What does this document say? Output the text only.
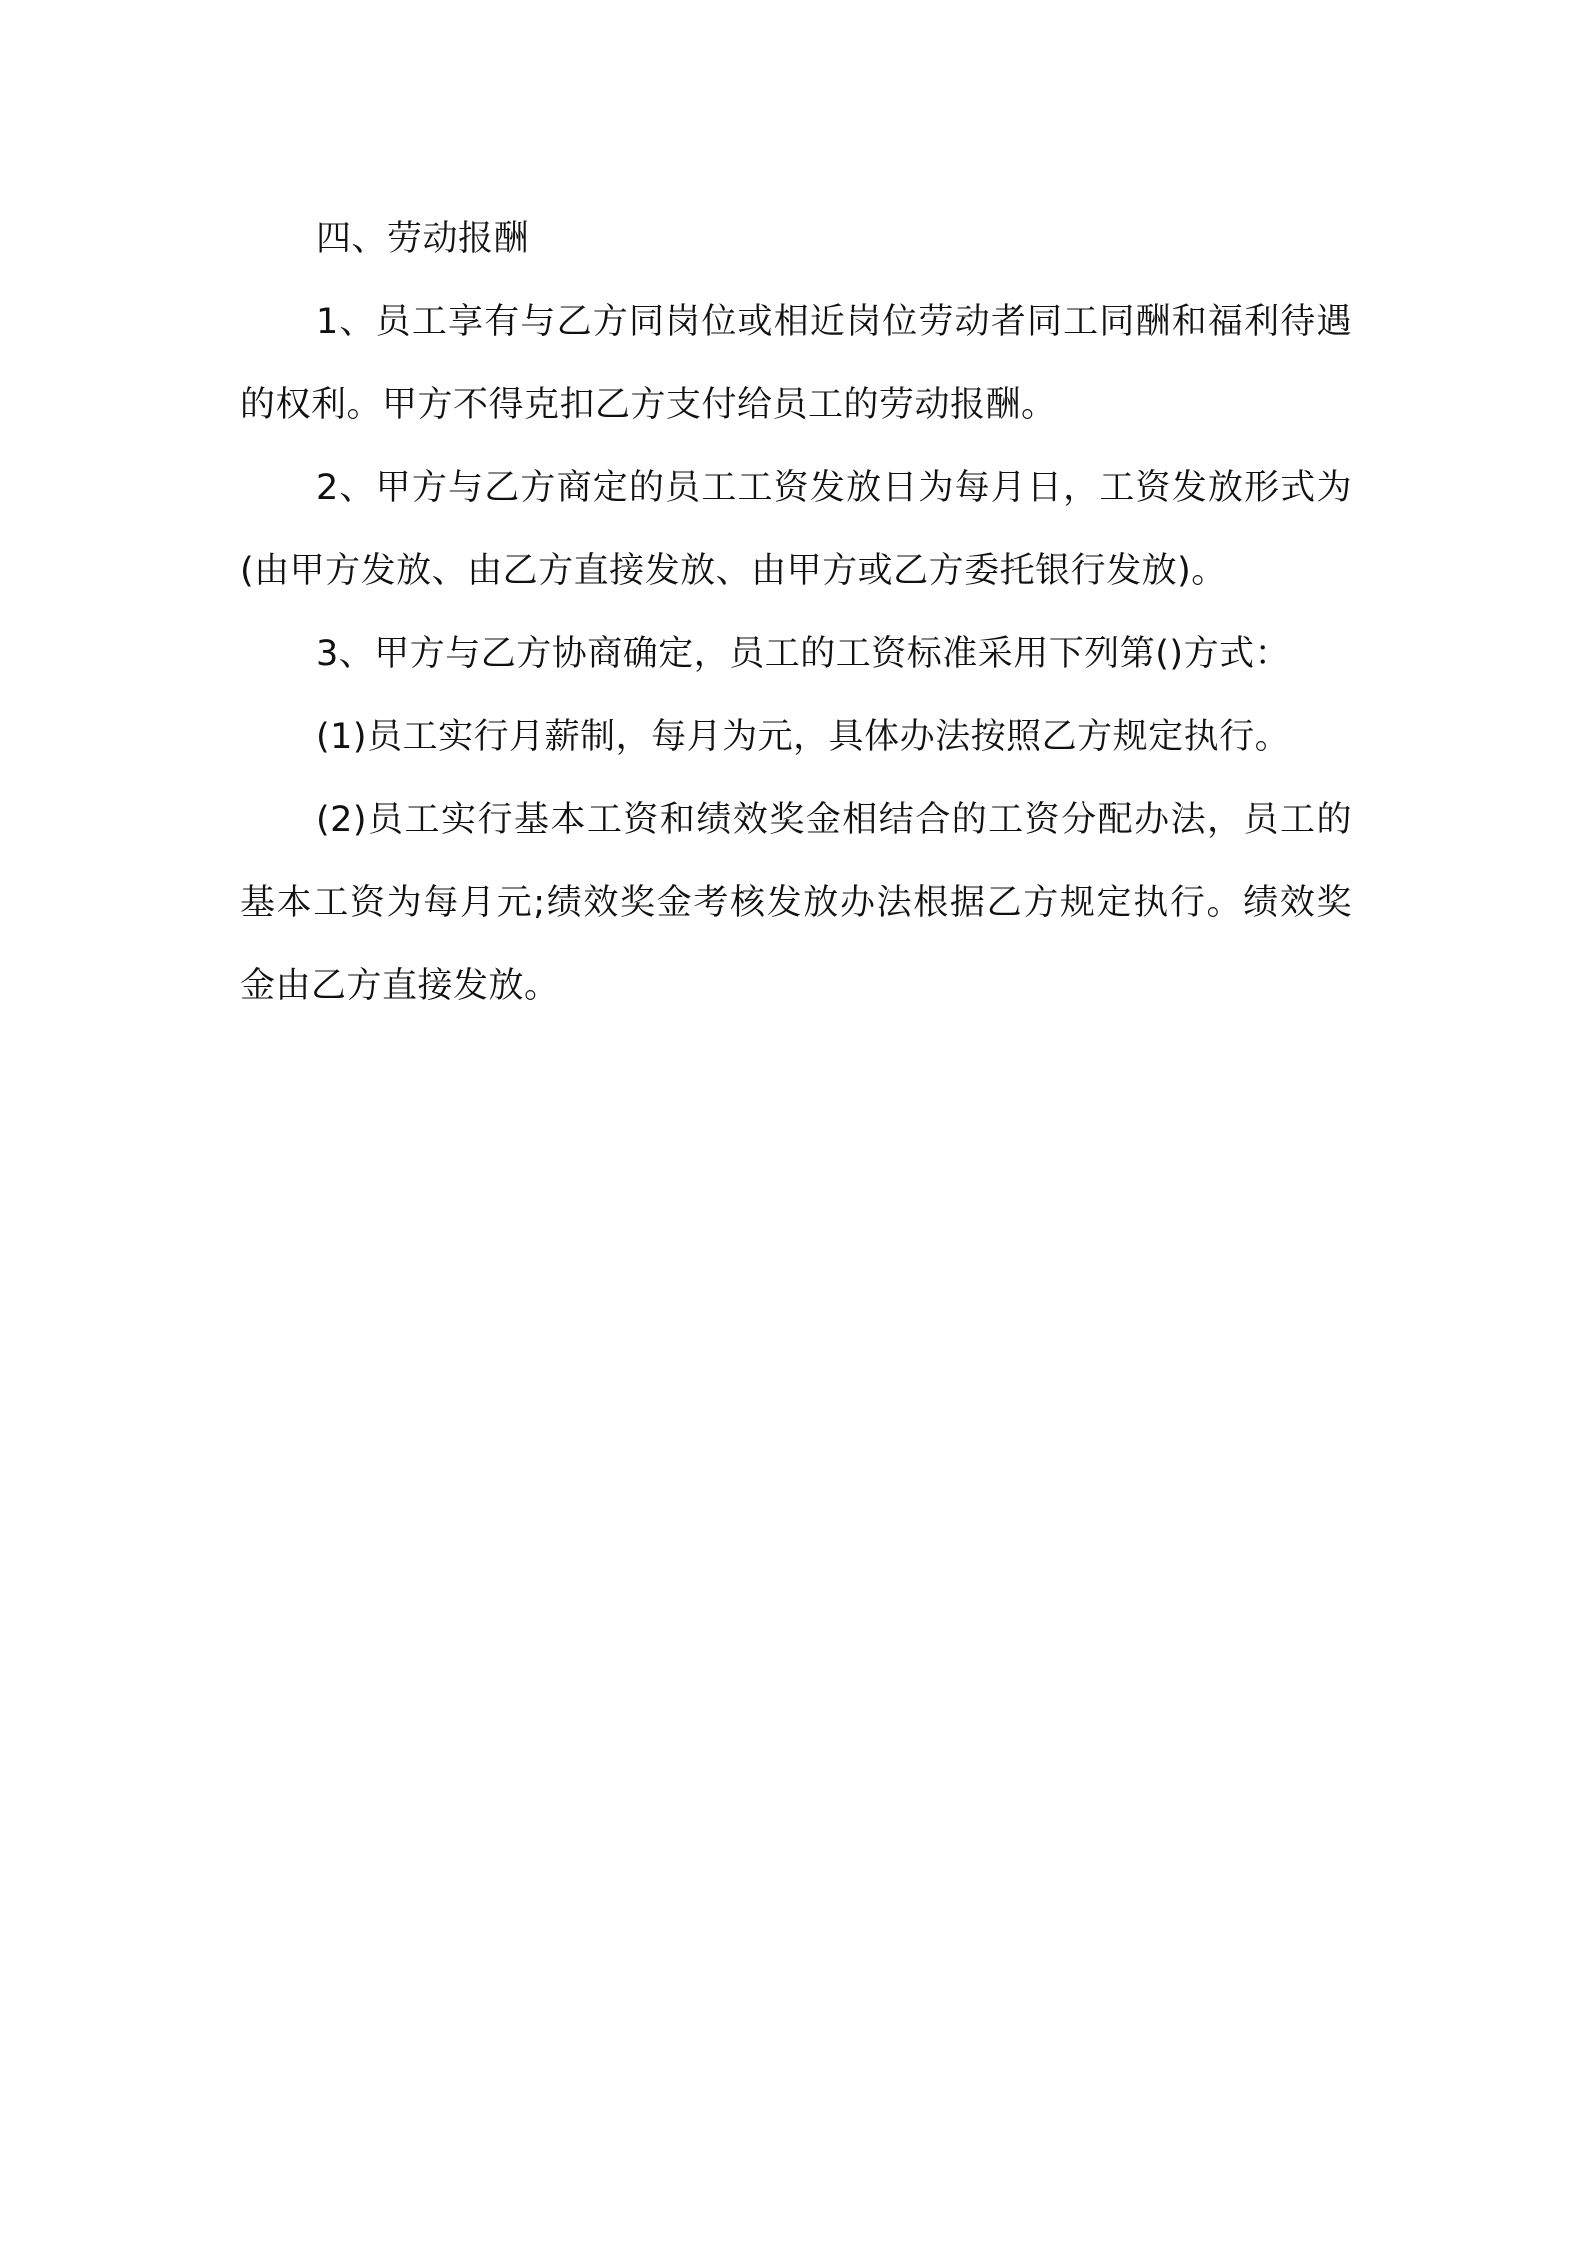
四、劳动报酬

1、员工享有与乙方同岗位或相近岗位劳动者同工同酬和福利待遇的权利。甲方不得克扣乙方支付给员工的劳动报酬。

2、甲方与乙方商定的员工工资发放日为每月日，工资发放形式为(由甲方发放、由乙方直接发放、由甲方或乙方委托银行发放)。

3、甲方与乙方协商确定，员工的工资标准采用下列第()方式：

(1)员工实行月薪制，每月为元，具体办法按照乙方规定执行。

(2)员工实行基本工资和绩效奖金相结合的工资分配办法，员工的基本工资为每月元;绩效奖金考核发放办法根据乙方规定执行。绩效奖金由乙方直接发放。
